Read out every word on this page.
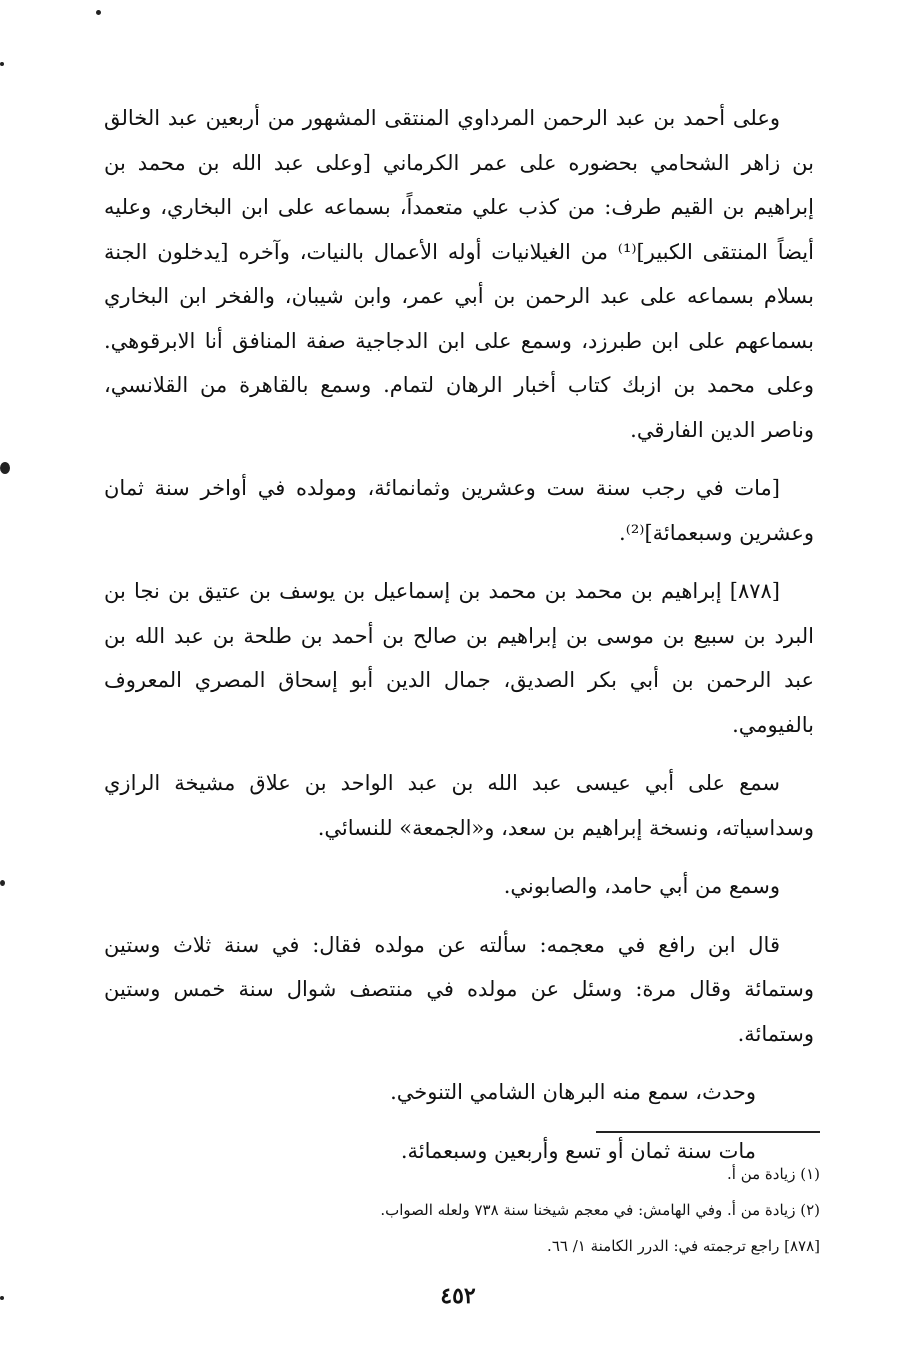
وعلى أحمد بن عبد الرحمن المرداوي المنتقى المشهور من أربعين عبد الخالق بن زاهر الشحامي بحضوره على عمر الكرماني [وعلى عبد الله بن محمد بن إبراهيم بن القيم طرف: من كذب علي متعمداً، بسماعه على ابن البخاري، وعليه أيضاً المنتقى الكبير]⁽¹⁾ من الغيلانيات أوله الأعمال بالنيات، وآخره [يدخلون الجنة بسلام بسماعه على عبد الرحمن بن أبي عمر، وابن شيبان، والفخر ابن البخاري بسماعهم على ابن طبرزد، وسمع على ابن الدجاجية صفة المنافق أنا الابرقوهي. وعلى محمد بن ازبك كتاب أخبار الرهان لتمام. وسمع بالقاهرة من القلانسي، وناصر الدين الفارقي.

[مات في رجب سنة ست وعشرين وثمانمائة، ومولده في أواخر سنة ثمان وعشرين وسبعمائة]⁽²⁾.

[٨٧٨] إبراهيم بن محمد بن محمد بن إسماعيل بن يوسف بن عتيق بن نجا بن البرد بن سبيع بن موسى بن إبراهيم بن صالح بن أحمد بن طلحة بن عبد الله بن عبد الرحمن بن أبي بكر الصديق، جمال الدين أبو إسحاق المصري المعروف بالفيومي.

سمع على أبي عيسى عبد الله بن عبد الواحد بن علاق مشيخة الرازي وسداسياته، ونسخة إبراهيم بن سعد، و«الجمعة» للنسائي.

وسمع من أبي حامد، والصابوني.

قال ابن رافع في معجمه: سألته عن مولده فقال: في سنة ثلاث وستين وستمائة وقال مرة: وسئل عن مولده في منتصف شوال سنة خمس وستين وستمائة.

وحدث، سمع منه البرهان الشامي التنوخي.

مات سنة ثمان أو تسع وأربعين وسبعمائة.

(١) زيادة من أ.

(٢) زيادة من أ. وفي الهامش: في معجم شيخنا سنة ٧٣٨ ولعله الصواب.

[٨٧٨] راجع ترجمته في: الدرر الكامنة ١/ ٦٦.

٤٥٢
